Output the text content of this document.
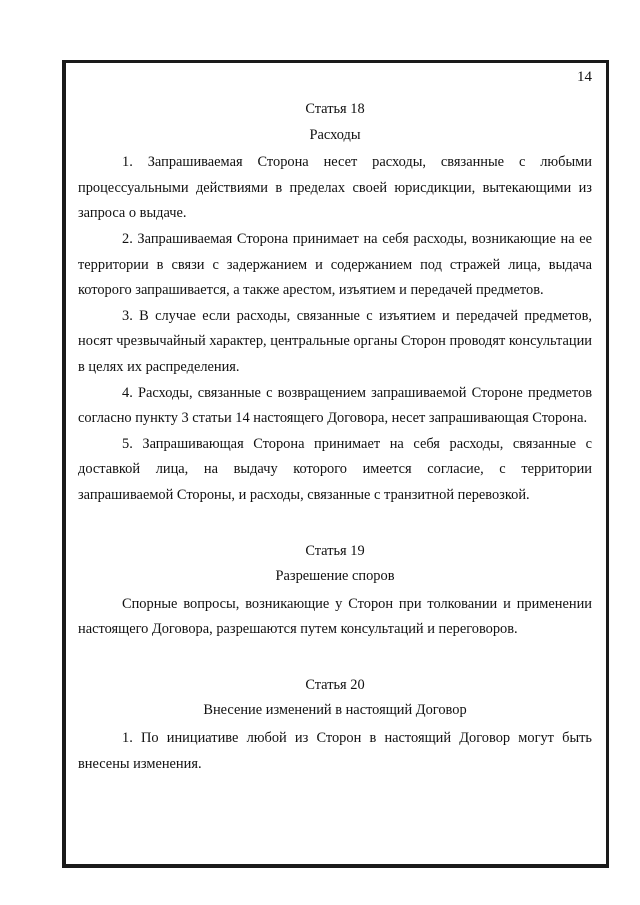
14
Статья 18
Расходы

1. Запрашиваемая Сторона несет расходы, связанные с любыми процессуальными действиями в пределах своей юрисдикции, вытекающими из запроса о выдаче.

2. Запрашиваемая Сторона принимает на себя расходы, возникающие на ее территории в связи с задержанием и содержанием под стражей лица, выдача которого запрашивается, а также арестом, изъятием и передачей предметов.

3. В случае если расходы, связанные с изъятием и передачей предметов, носят чрезвычайный характер, центральные органы Сторон проводят консультации в целях их распределения.

4. Расходы, связанные с возвращением запрашиваемой Стороне предметов согласно пункту 3 статьи 14 настоящего Договора, несет запрашивающая Сторона.

5. Запрашивающая Сторона принимает на себя расходы, связанные с доставкой лица, на выдачу которого имеется согласие, с территории запрашиваемой Стороны, и расходы, связанные с транзитной перевозкой.

Статья 19
Разрешение споров

Спорные вопросы, возникающие у Сторон при толковании и применении настоящего Договора, разрешаются путем консультаций и переговоров.

Статья 20
Внесение изменений в настоящий Договор

1. По инициативе любой из Сторон в настоящий Договор могут быть внесены изменения.
